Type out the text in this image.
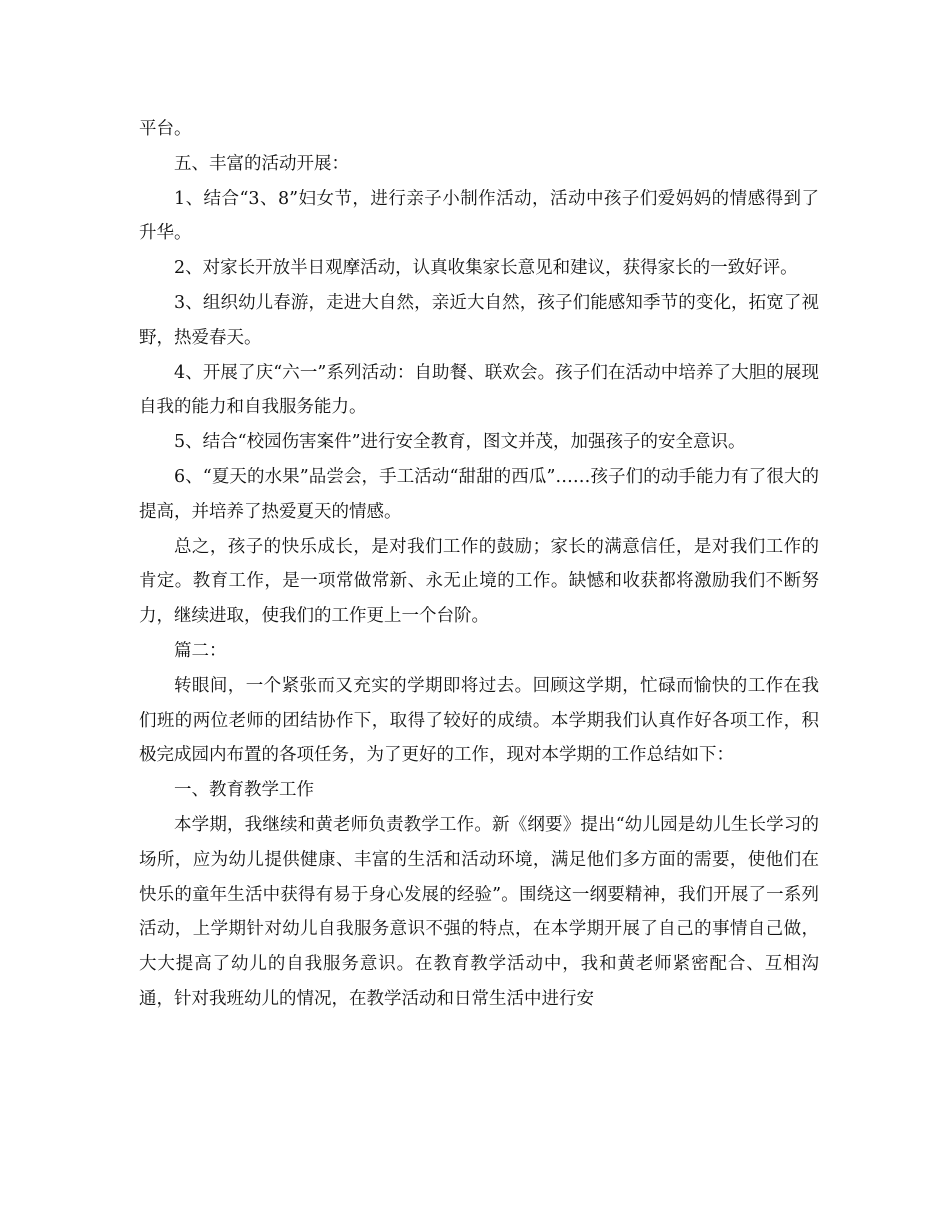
平台。

五、丰富的活动开展：

1、结合“3、8”妇女节，进行亲子小制作活动，活动中孩子们爱妈妈的情感得到了升华。

2、对家长开放半日观摩活动，认真收集家长意见和建议，获得家长的一致好评。

3、组织幼儿春游，走进大自然，亲近大自然，孩子们能感知季节的变化，拓宽了视野，热爱春天。

4、开展了庆“六一”系列活动：自助餐、联欢会。孩子们在活动中培养了大胆的展现自我的能力和自我服务能力。

5、结合“校园伤害案件”进行安全教育，图文并茂，加强孩子的安全意识。

6、“夏天的水果”品尝会，手工活动“甜甜的西瓜”……孩子们的动手能力有了很大的提高，并培养了热爱夏天的情感。

总之，孩子的快乐成长，是对我们工作的鼓励；家长的满意信任，是对我们工作的肯定。教育工作，是一项常做常新、永无止境的工作。缺憾和收获都将激励我们不断努力，继续进取，使我们的工作更上一个台阶。

篇二：

转眼间，一个紧张而又充实的学期即将过去。回顾这学期，忙碌而愉快的工作在我们班的两位老师的团结协作下，取得了较好的成绩。本学期我们认真作好各项工作，积极完成园内布置的各项任务，为了更好的工作，现对本学期的工作总结如下：

一、教育教学工作

本学期，我继续和黄老师负责教学工作。新《纲要》提出“幼儿园是幼儿生长学习的场所，应为幼儿提供健康、丰富的生活和活动环境，满足他们多方面的需要，使他们在快乐的童年生活中获得有易于身心发展的经验”。围绕这一纲要精神，我们开展了一系列活动，上学期针对幼儿自我服务意识不强的特点，在本学期开展了自己的事情自己做，大大提高了幼儿的自我服务意识。在教育教学活动中，我和黄老师紧密配合、互相沟通，针对我班幼儿的情况，在教学活动和日常生活中进行安
